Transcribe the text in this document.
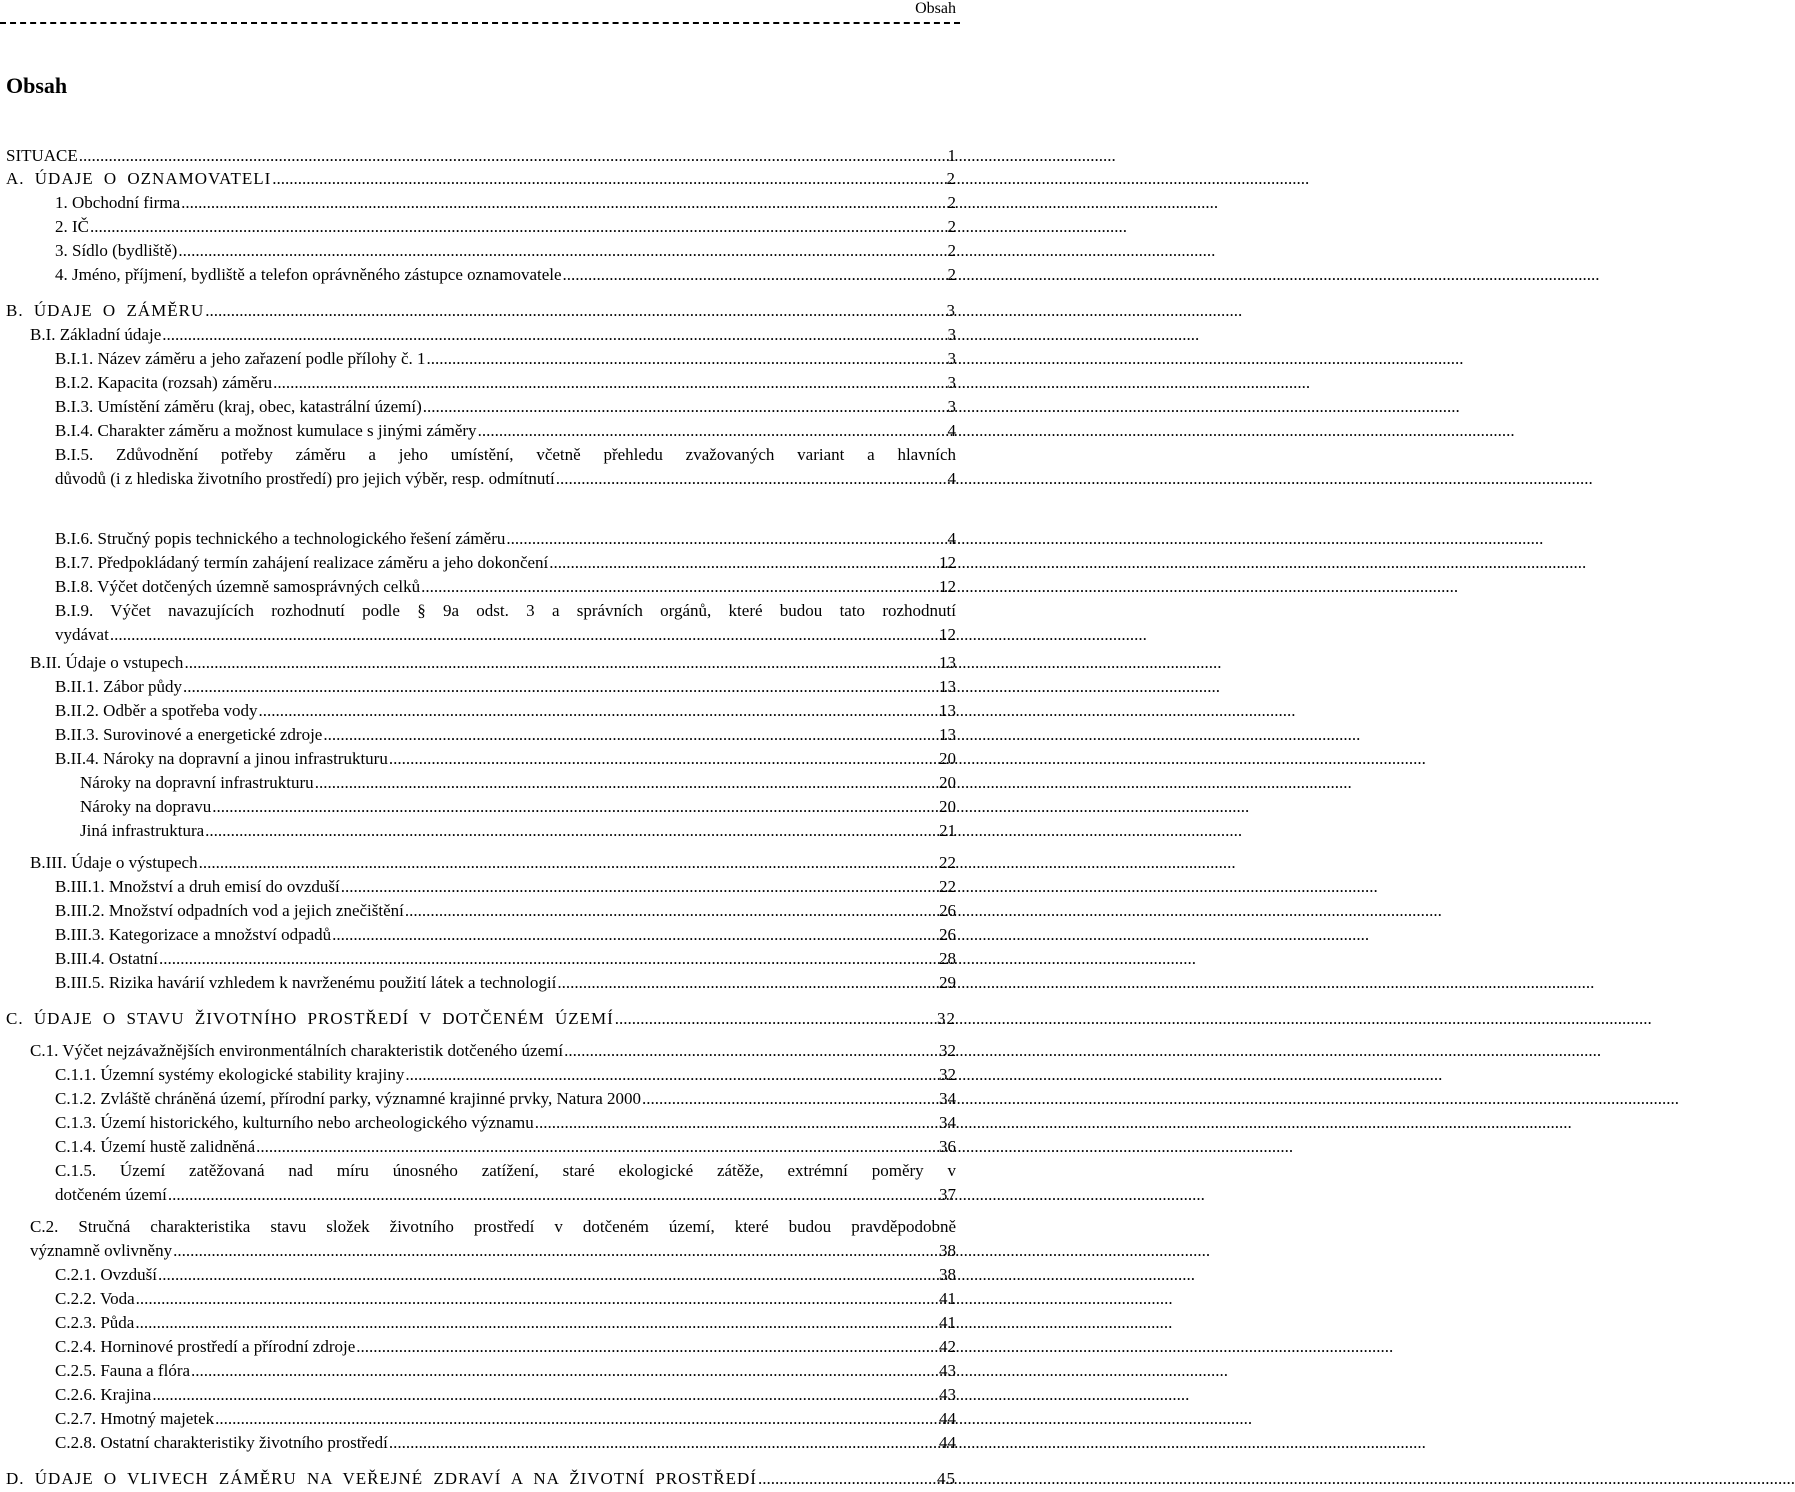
Obsah
Obsah
SITUACE .....	1
A. ÚDAJE O OZNAMOVATELI .....	2
1. Obchodní firma .....	2
2. IČ .....	2
3. Sídlo (bydliště) .....	2
4. Jméno, příjmení, bydliště a telefon oprávněného zástupce oznamovatele .....	2
B. ÚDAJE O ZÁMĚRU .....	3
B.I. Základní údaje .....	3
B.I.1. Název záměru a jeho zařazení podle přílohy č. 1 .....	3
B.I.2. Kapacita (rozsah) záměru .....	3
B.I.3. Umístění záměru (kraj, obec, katastrální území) .....	3
B.I.4. Charakter záměru a možnost kumulace s jinými záměry .....	4
B.I.5. Zdůvodnění potřeby záměru a jeho umístění, včetně přehledu zvažovaných variant a hlavních
důvodů (i z hlediska životního prostředí) pro jejich výběr, resp. odmítnutí .....	4
B.I.6. Stručný popis technického a technologického řešení záměru .....	4
B.I.7. Předpokládaný termín zahájení realizace záměru a jeho dokončení .....	12
B.I.8. Výčet dotčených územně samosprávných celků .....	12
B.I.9. Výčet navazujících rozhodnutí podle § 9a odst. 3 a správních orgánů, které budou tato rozhodnutí
vydávat .....	12
B.II. Údaje o vstupech .....	13
B.II.1. Zábor půdy .....	13
B.II.2. Odběr a spotřeba vody .....	13
B.II.3. Surovinové a energetické zdroje .....	13
B.II.4. Nároky na dopravní a jinou infrastrukturu .....	20
Nároky na dopravní infrastrukturu .....	20
Nároky na dopravu .....	20
Jiná infrastruktura .....	21
B.III. Údaje o výstupech .....	22
B.III.1. Množství a druh emisí do ovzduší .....	22
B.III.2. Množství odpadních vod a jejich znečištění .....	26
B.III.3. Kategorizace a množství odpadů .....	26
B.III.4. Ostatní .....	28
B.III.5. Rizika havárií vzhledem k navrženému použití látek a technologií .....	29
C. ÚDAJE O STAVU ŽIVOTNÍHO PROSTŘEDÍ V DOTČENÉM ÚZEMÍ .....	32
C.1. Výčet nejzávažnějších environmentálních charakteristik dotčeného území .....	32
C.1.1. Územní systémy ekologické stability krajiny .....	32
C.1.2. Zvláště chráněná území, přírodní parky, významné krajinné prvky, Natura 2000 .....	34
C.1.3. Území historického, kulturního nebo archeologického významu .....	34
C.1.4. Území hustě zalidněná .....	36
C.1.5. Území zatěžovaná nad míru únosného zatížení, staré ekologické zátěže, extrémní poměry v
dotčeném území .....	37
C.2. Stručná charakteristika stavu složek životního prostředí v dotčeném území, které budou pravděpodobně
významně ovlivněny .....	38
C.2.1. Ovzduší .....	38
C.2.2. Voda .....	41
C.2.3. Půda .....	41
C.2.4. Horninové prostředí a přírodní zdroje .....	42
C.2.5. Fauna a flóra .....	43
C.2.6. Krajina .....	43
C.2.7. Hmotný majetek .....	44
C.2.8. Ostatní charakteristiky životního prostředí .....	44
D. ÚDAJE O VLIVECH ZÁMĚRU NA VEŘEJNÉ ZDRAVÍ A NA ŽIVOTNÍ PROSTŘEDÍ .....	45
